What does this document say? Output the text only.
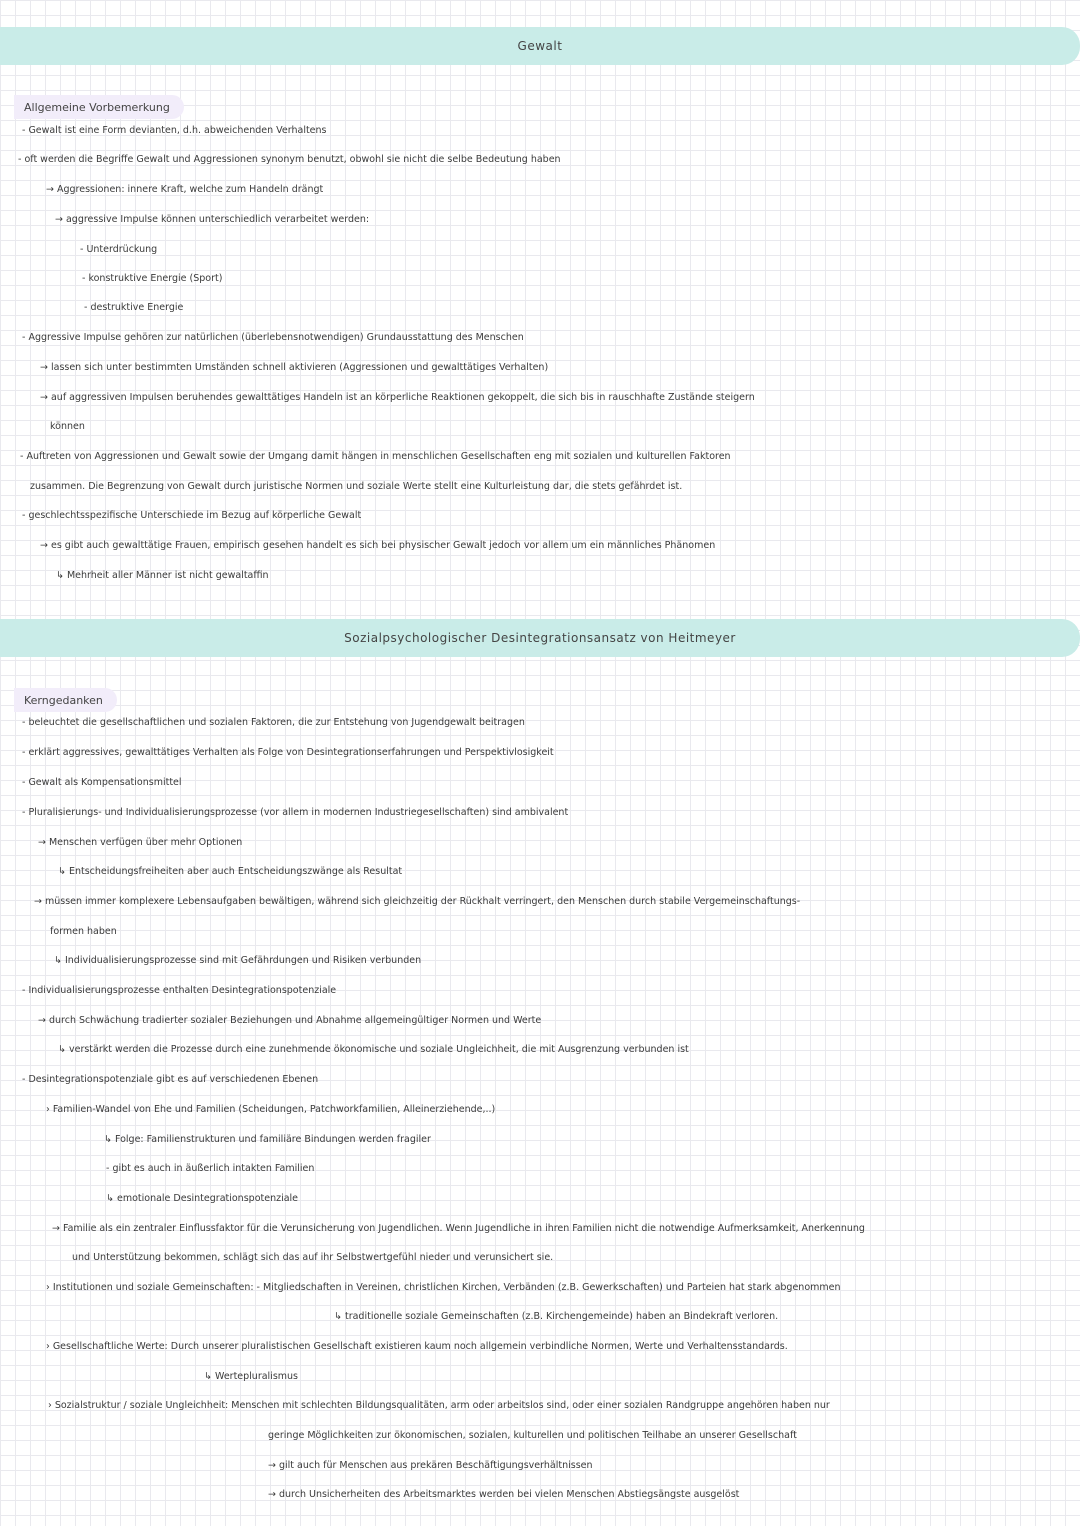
Gewalt
Allgemeine Vorbemerkung
- Gewalt ist eine Form devianten, d.h. abweichenden Verhaltens
- oft werden die Begriffe Gewalt und Aggressionen synonym benutzt, obwohl sie nicht die selbe Bedeutung haben
→ Aggressionen: innere Kraft, welche zum Handeln drängt
→ aggressive Impulse können unterschiedlich verarbeitet werden:
- Unterdrückung
- konstruktive Energie (Sport)
- destruktive Energie
- Aggressive Impulse gehören zur natürlichen (überlebensnotwendigen) Grundausstattung des Menschen
→ lassen sich unter bestimmten Umständen schnell aktivieren (Aggressionen und gewalttätiges Verhalten)
→ auf aggressiven Impulsen beruhendes gewalttätiges Handeln ist an körperliche Reaktionen gekoppelt, die sich bis in rauschhafte Zustände steigern
können
- Auftreten von Aggressionen und Gewalt sowie der Umgang damit hängen in menschlichen Gesellschaften eng mit sozialen und kulturellen Faktoren
zusammen. Die Begrenzung von Gewalt durch juristische Normen und soziale Werte stellt eine Kulturleistung dar, die stets gefährdet ist.
- geschlechtsspezifische Unterschiede im Bezug auf körperliche Gewalt
→ es gibt auch gewalttätige Frauen, empirisch gesehen handelt es sich bei physischer Gewalt jedoch vor allem um ein männliches Phänomen
↳ Mehrheit aller Männer ist nicht gewaltaffin
Sozialpsychologischer Desintegrationsansatz von Heitmeyer
Kerngedanken
- beleuchtet die gesellschaftlichen und sozialen Faktoren, die zur Entstehung von Jugendgewalt beitragen
- erklärt aggressives, gewalttätiges Verhalten als Folge von Desintegrationserfahrungen und Perspektivlosigkeit
- Gewalt als Kompensationsmittel
- Pluralisierungs- und Individualisierungsprozesse (vor allem in modernen Industriegesellschaften) sind ambivalent
→ Menschen verfügen über mehr Optionen
↳ Entscheidungsfreiheiten aber auch Entscheidungszwänge als Resultat
→ müssen immer komplexere Lebensaufgaben bewältigen, während sich gleichzeitig der Rückhalt verringert, den Menschen durch stabile Vergemeinschaftungs-
formen haben
↳ Individualisierungsprozesse sind mit Gefährdungen und Risiken verbunden
- Individualisierungsprozesse enthalten Desintegrationspotenziale
→ durch Schwächung tradierter sozialer Beziehungen und Abnahme allgemeingültiger Normen und Werte
↳ verstärkt werden die Prozesse durch eine zunehmende ökonomische und soziale Ungleichheit, die mit Ausgrenzung verbunden ist
- Desintegrationspotenziale gibt es auf verschiedenen Ebenen
› Familien-Wandel von Ehe und Familien (Scheidungen, Patchworkfamilien, Alleinerziehende,..)
↳ Folge: Familienstrukturen und familiäre Bindungen werden fragiler
- gibt es auch in äußerlich intakten Familien
↳ emotionale Desintegrationspotenziale
→ Familie als ein zentraler Einflussfaktor für die Verunsicherung von Jugendlichen. Wenn Jugendliche in ihren Familien nicht die notwendige Aufmerksamkeit, Anerkennung
und Unterstützung bekommen, schlägt sich das auf ihr Selbstwertgefühl nieder und verunsichert sie.
› Institutionen und soziale Gemeinschaften: - Mitgliedschaften in Vereinen, christlichen Kirchen, Verbänden (z.B. Gewerkschaften) und Parteien hat stark abgenommen
↳ traditionelle soziale Gemeinschaften (z.B. Kirchengemeinde) haben an Bindekraft verloren.
› Gesellschaftliche Werte: Durch unserer pluralistischen Gesellschaft existieren kaum noch allgemein verbindliche Normen, Werte und Verhaltensstandards.
↳ Wertepluralismus
› Sozialstruktur / soziale Ungleichheit: Menschen mit schlechten Bildungsqualitäten, arm oder arbeitslos sind, oder einer sozialen Randgruppe angehören haben nur
geringe Möglichkeiten zur ökonomischen, sozialen, kulturellen und politischen Teilhabe an unserer Gesellschaft
→ gilt auch für Menschen aus prekären Beschäftigungsverhältnissen
→ durch Unsicherheiten des Arbeitsmarktes werden bei vielen Menschen Abstiegsängste ausgelöst
